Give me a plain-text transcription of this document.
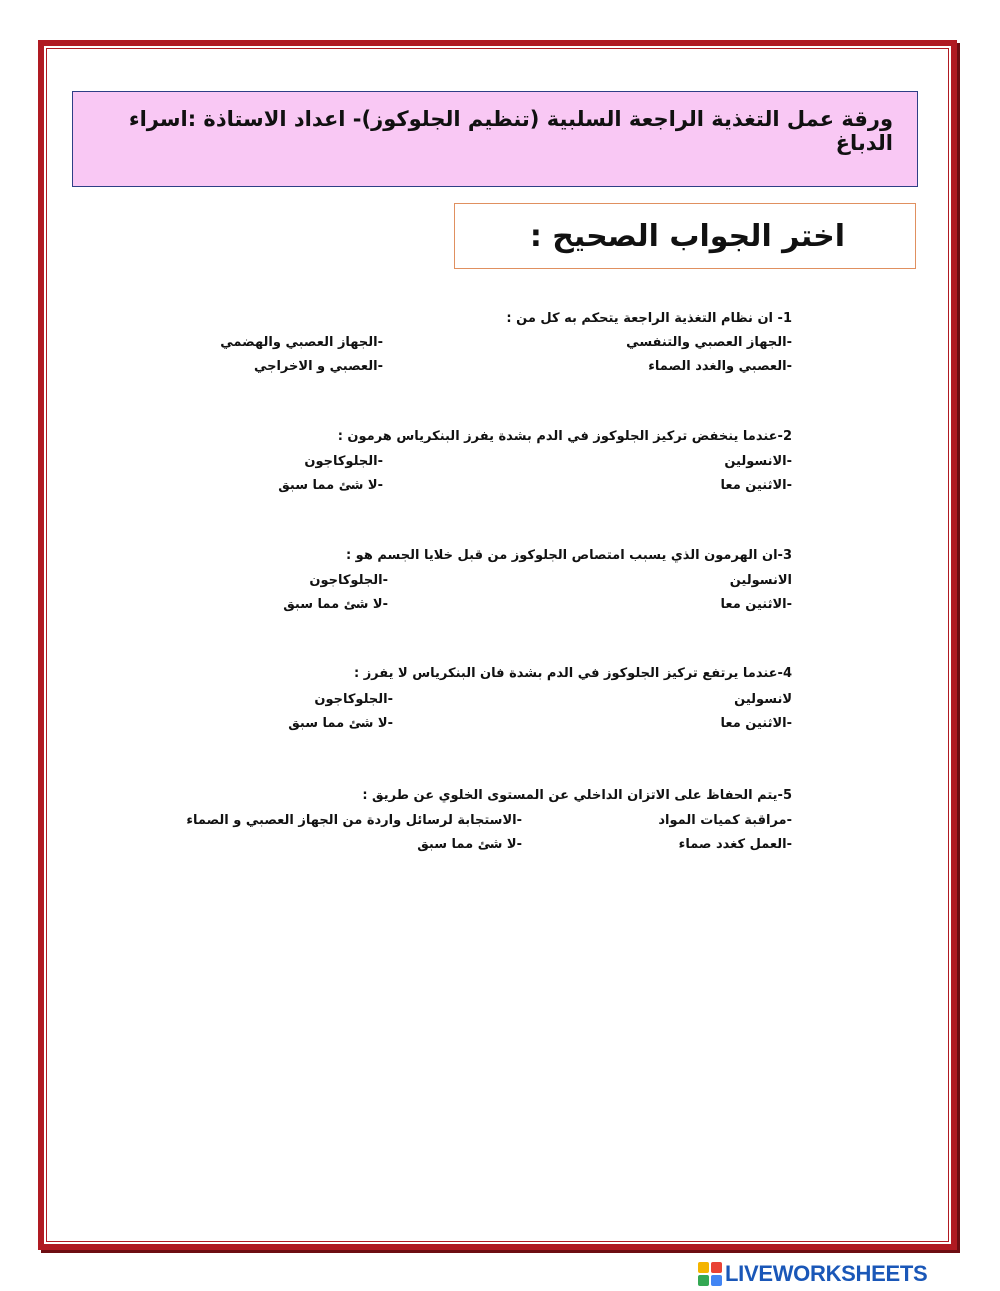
ورقة عمل التغذية الراجعة السلبية (تنظيم الجلوكوز)- اعداد الاستاذة :اسراء الدباغ
اختر الجواب الصحيح :
1- ان نظام التغذية الراجعة يتحكم به كل من :
-الجهاز العصبي والتنفسي
-الجهاز العصبي والهضمي
-العصبي والغدد الصماء
-العصبي و الاخراجي
2-عندما ينخفض تركيز الجلوكوز في الدم بشدة يفرز البنكرياس هرمون :
-الانسولين
-الجلوكاجون
-الاثنين معا
-لا شئ مما سبق
3-ان الهرمون الذي يسبب امتصاص الجلوكوز من قبل خلايا الجسم هو :
الانسولين
-الجلوكاجون
-الاثنين معا
-لا شئ مما سبق
4-عندما يرتفع تركيز الجلوكوز في الدم بشدة فان البنكرياس لا يفرز :
لانسولين
-الجلوكاجون
-الاثنين معا
-لا شئ مما سبق
5-يتم الحفاظ على الاتزان الداخلي عن المستوى الخلوي عن طريق :
-مراقبة كميات المواد
-الاستجابة لرسائل واردة من الجهاز العصبي و الصماء
-العمل كغدد صماء
-لا شئ مما سبق
LIVEWORKSHEETS
